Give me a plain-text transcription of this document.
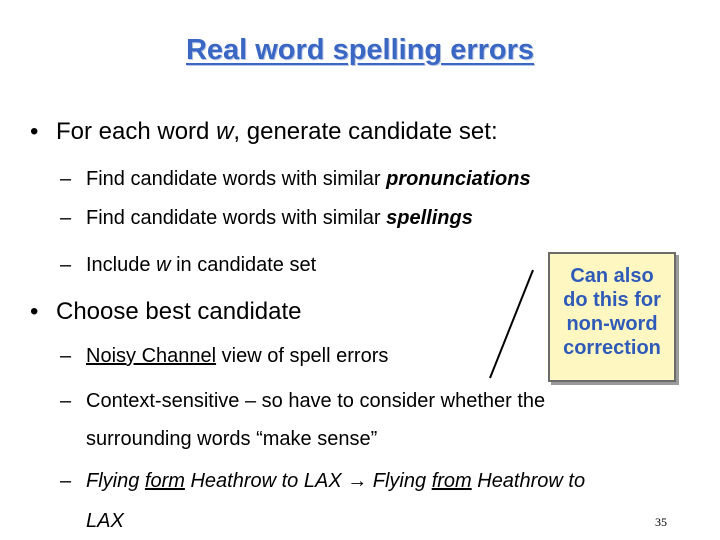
Real word spelling errors
• For each word w, generate candidate set:
– Find candidate words with similar pronunciations
– Find candidate words with similar spellings
– Include w in candidate set
• Choose best candidate
– Noisy Channel view of spell errors
– Context-sensitive – so have to consider whether the
surrounding words “make sense”
– Flying form Heathrow to LAX → Flying from Heathrow to
LAX
Can also
do this for
non-word
correction
35
